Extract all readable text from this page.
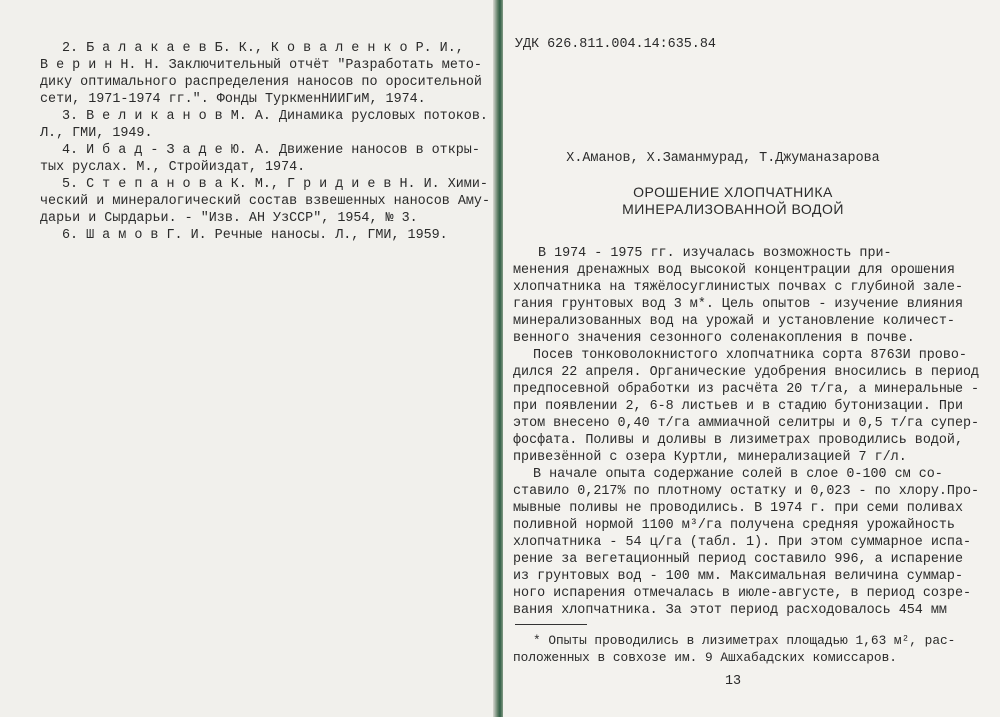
2. Б а л а к а е в Б. К., К о в а л е н к о Р. И.,
В е р и н Н. Н. Заключительный отчёт "Разработать мето-
дику оптимального распределения наносов по оросительной
сети, 1971-1974 гг.". Фонды ТуркменНИИГиМ, 1974.
3. В е л и к а н о в М. А. Динамика русловых потоков.
Л., ГМИ, 1949.
4. И б а д - З а д е Ю. А. Движение наносов в откры-
тых руслах. М., Стройиздат, 1974.
5. С т е п а н о в а К. М., Г р и д и е в Н. И. Хими-
ческий и минералогический состав взвешенных наносов Аму-
дарьи и Сырдарьи. - "Изв. АН УзССР", 1954, № 3.
6. Ш а м о в Г. И. Речные наносы. Л., ГМИ, 1959.
УДК 626.811.004.14:635.84
Х.Аманов, Х.Заманмурад, Т.Джуманазарова
ОРОШЕНИЕ ХЛОПЧАТНИКА
МИНЕРАЛИЗОВАННОЙ ВОДОЙ
В 1974 - 1975 гг. изучалась возможность при-
менения дренажных вод высокой концентрации для орошения
хлопчатника на тяжёлосуглинистых почвах с глубиной зале-
гания грунтовых вод 3 м*. Цель опытов - изучение влияния
минерализованных вод на урожай и установление количест-
венного значения сезонного соленакопления в почве.
Посев тонковолокнистого хлопчатника сорта 8763И прово-
дился 22 апреля. Органические удобрения вносились в период
предпосевной обработки из расчёта 20 т/га, а минеральные -
при появлении 2, 6-8 листьев и в стадию бутонизации. При
этом внесено 0,40 т/га аммиачной селитры и 0,5 т/га супер-
фосфата. Поливы и доливы в лизиметрах проводились водой,
привезённой с озера Куртли, минерализацией 7 г/л.
В начале опыта содержание солей в слое 0-100 см со-
ставило 0,217% по плотному остатку и 0,023 - по хлору.Про-
мывные поливы не проводились. В 1974 г. при семи поливах
поливной нормой 1100 м³/га получена средняя урожайность
хлопчатника - 54 ц/га (табл. 1). При этом суммарное испа-
рение за вегетационный период составило 996, а испарение
из грунтовых вод - 100 мм. Максимальная величина суммар-
ного испарения отмечалась в июле-августе, в период созре-
вания хлопчатника. За этот период расходовалось 454 мм
* Опыты проводились в лизиметрах площадью 1,63 м², рас-
положенных в совхозе им. 9 Ашхабадских комиссаров.
13
